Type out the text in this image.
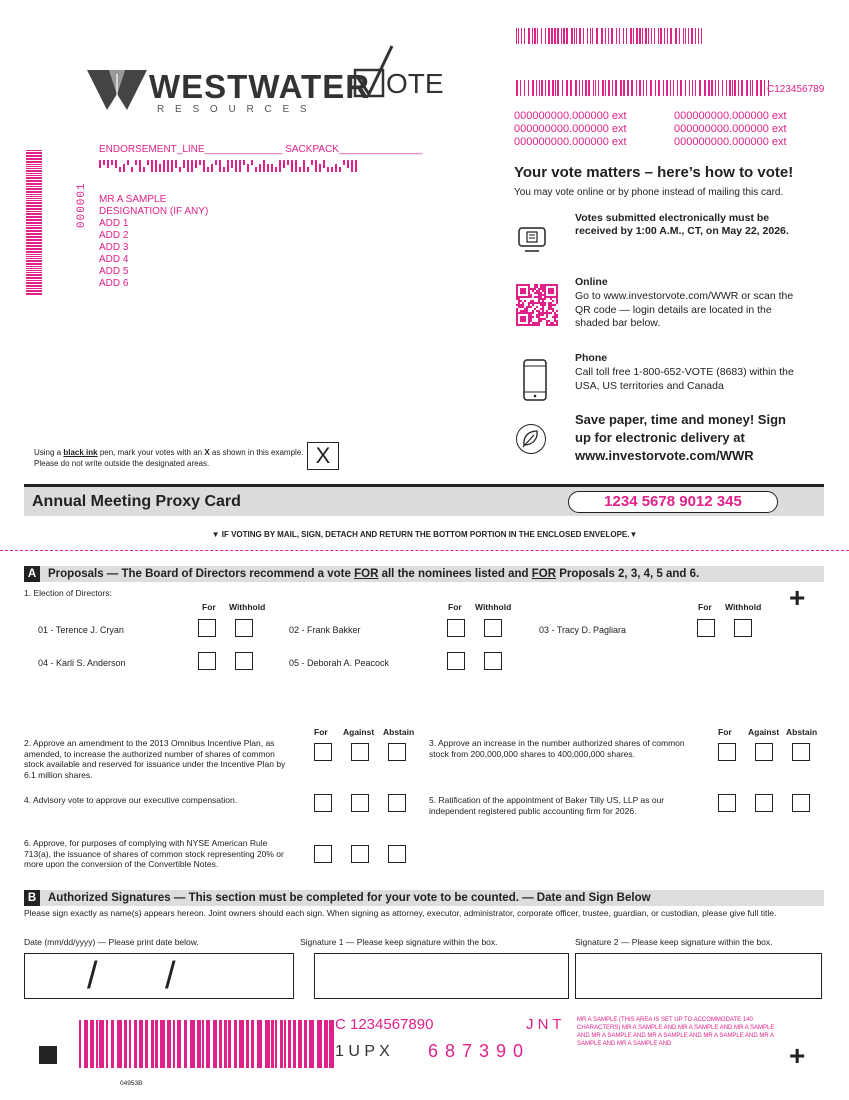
WESTWATER
R E S O U R C E S
OTE	C123456789
000000000.000000 ext	000000000.000000 ext
000000000.000000 ext	000000000.000000 ext
000000000.000000 ext	000000000.000000 ext
ENDORSEMENT_LINE______________ SACKPACK_______________
000001 MR A SAMPLE
DESIGNATION (IF ANY)
ADD 1
ADD 2
ADD 3
ADD 4
ADD 5
ADD 6
Your vote matters – here’s how to vote!
You may vote online or by phone instead of mailing this card.
Votes submitted electronically must be received by 1:00 A.M., CT, on May 22, 2026.
Online
Go to www.investorvote.com/WWR or scan the QR code — login details are located in the shaded bar below.
Phone
Call toll free 1-800-652-VOTE (8683) within the USA, US territories and Canada
Save paper, time and money! Sign up for electronic delivery at www.investorvote.com/WWR
Using a black ink pen, mark your votes with an X as shown in this example.
Please do not write outside the designated areas.	X
Annual Meeting Proxy Card	1234 5678 9012 345
▼ IF VOTING BY MAIL, SIGN, DETACH AND RETURN THE BOTTOM PORTION IN THE ENCLOSED ENVELOPE.▼
A Proposals — The Board of Directors recommend a vote FOR all the nominees listed and FOR Proposals 2, 3, 4, 5 and 6.
+
1. Election of Directors:
For Withhold	For Withhold	For Withhold
01 - Terence J. Cryan	02 - Frank Bakker	03 - Tracy D. Pagliara
04 - Karli S. Anderson	05 - Deborah A. Peacock
For Against Abstain	For Against Abstain
2. Approve an amendment to the 2013 Omnibus Incentive Plan, as amended, to increase the authorized number of shares of common stock available and reserved for issuance under the Incentive Plan by 6.1 million shares.
3. Approve an increase in the number authorized shares of common stock from 200,000,000 shares to 400,000,000 shares.
4. Advisory vote to approve our executive compensation.	5. Ratification of the appointment of Baker Tilly US, LLP as our independent registered public accounting firm for 2026.
6. Approve, for purposes of complying with NYSE American Rule 713(a), the issuance of shares of common stock representing 20% or more upon the conversion of the Convertible Notes.
B Authorized Signatures — This section must be completed for your vote to be counted. — Date and Sign Below
Please sign exactly as name(s) appears hereon. Joint owners should each sign. When signing as attorney, executor, administrator, corporate officer, trustee, guardian, or custodian, please give full title.
Date (mm/dd/yyyy) — Please print date below.	Signature 1 — Please keep signature within the box.	Signature 2 — Please keep signature within the box.
/ /
04953B
C 1234567890	J N T
1 U P X 6 8 7 3 9 0
MR A SAMPLE (THIS AREA IS SET UP TO ACCOMMODATE 140 CHARACTERS) MR A SAMPLE AND MR A SAMPLE AND MR A SAMPLE AND MR A SAMPLE AND MR A SAMPLE AND MR A SAMPLE AND MR A SAMPLE AND MR A SAMPLE AND	+
